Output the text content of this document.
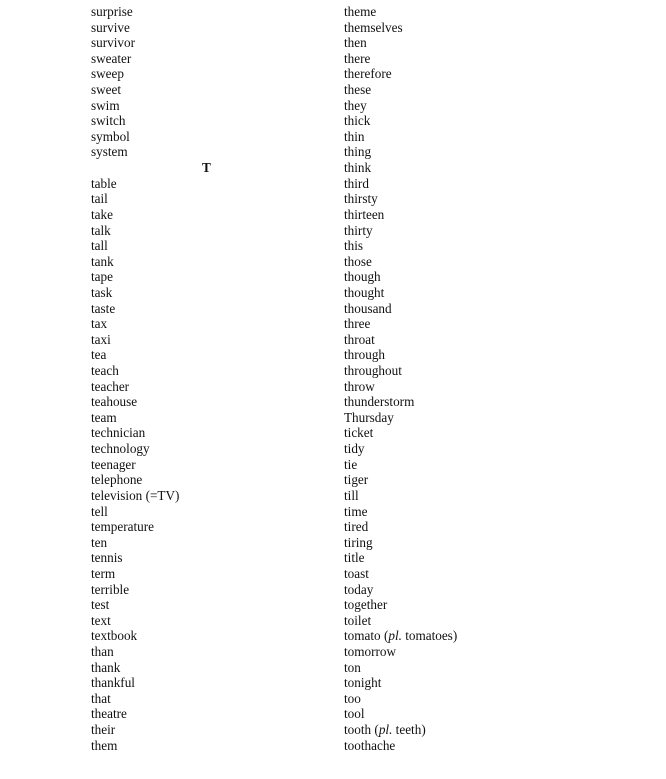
surprise
survive
survivor
sweater
sweep
sweet
swim
switch
symbol
system
T
table
tail
take
talk
tall
tank
tape
task
taste
tax
taxi
tea
teach
teacher
teahouse
team
technician
technology
teenager
telephone
television (=TV)
tell
temperature
ten
tennis
term
terrible
test
text
textbook
than
thank
thankful
that
theatre
their
them
theme
themselves
then
there
therefore
these
they
thick
thin
thing
think
third
thirsty
thirteen
thirty
this
those
though
thought
thousand
three
throat
through
throughout
throw
thunderstorm
Thursday
ticket
tidy
tie
tiger
till
time
tired
tiring
title
toast
today
together
toilet
tomato (pl. tomatoes)
tomorrow
ton
tonight
too
tool
tooth (pl. teeth)
toothache
